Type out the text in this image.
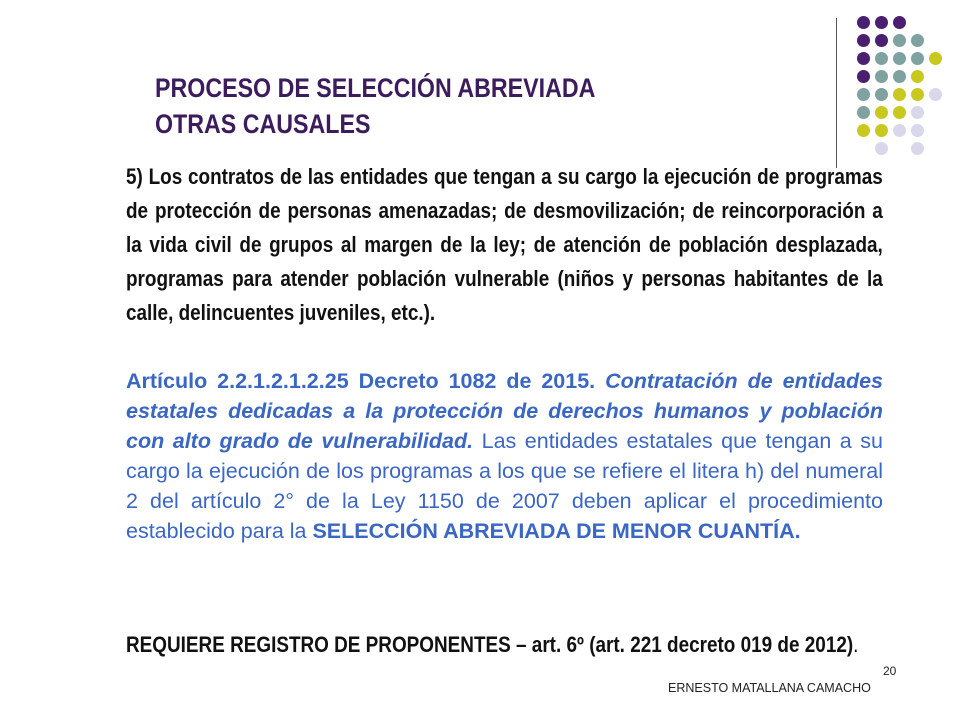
PROCESO DE SELECCIÓN ABREVIADA
OTRAS CAUSALES

5) Los contratos de las entidades que tengan a su cargo la ejecución de programas de protección de personas amenazadas; de desmovilización; de reincorporación a la vida civil de grupos al margen de la ley; de atención de población desplazada, programas para atender población vulnerable (niños y personas habitantes de la calle, delincuentes juveniles, etc.).

Artículo 2.2.1.2.1.2.25 Decreto 1082 de 2015. Contratación de entidades estatales dedicadas a la protección de derechos humanos y población con alto grado de vulnerabilidad. Las entidades estatales que tengan a su cargo la ejecución de los programas a los que se refiere el litera h) del numeral 2 del artículo 2° de la Ley 1150 de 2007 deben aplicar el procedimiento establecido para la SELECCIÓN ABREVIADA DE MENOR CUANTÍA.

REQUIERE REGISTRO DE PROPONENTES – art. 6º (art. 221 decreto 019 de 2012).

20
ERNESTO MATALLANA CAMACHO
